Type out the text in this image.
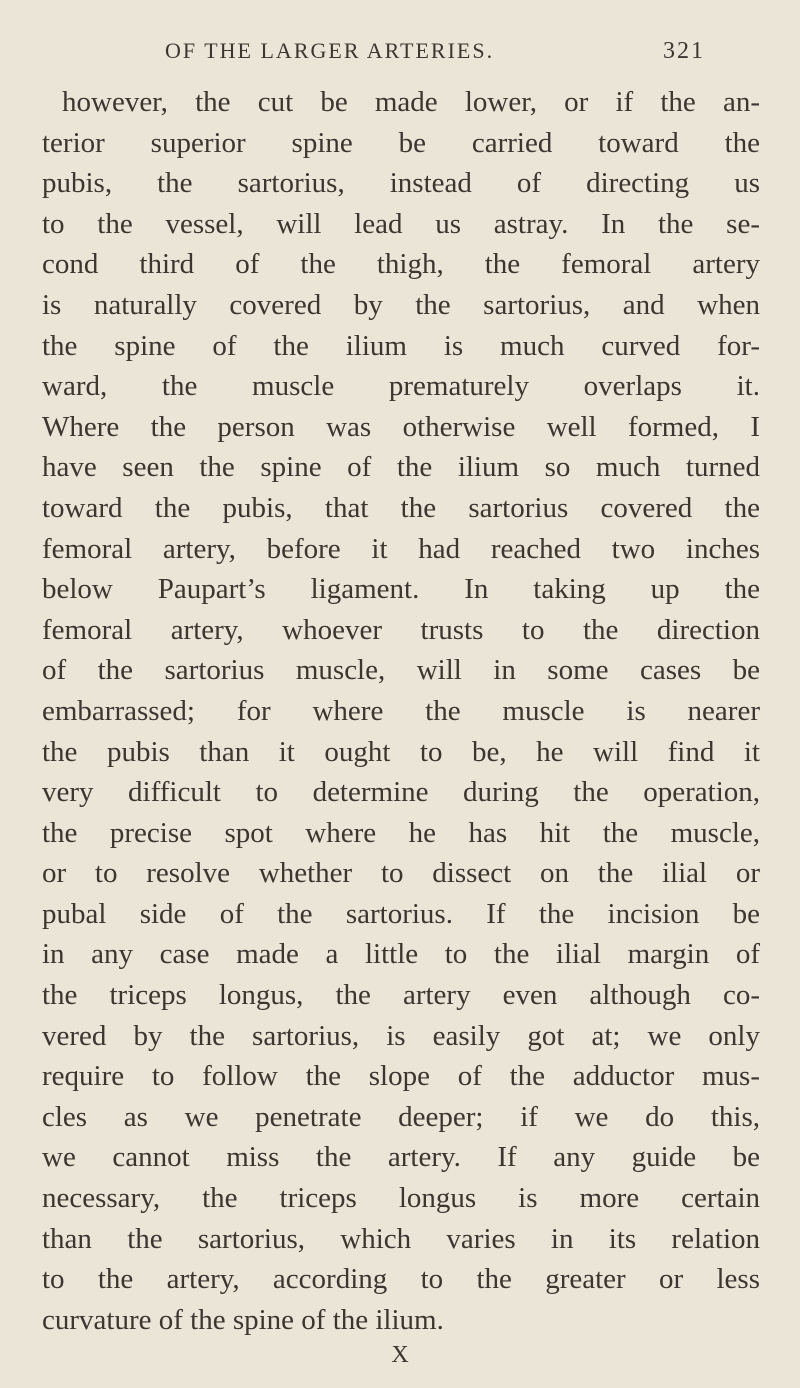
OF THE LARGER ARTERIES.	321
however, the cut be made lower, or if the an-
terior superior spine be carried toward the
pubis, the sartorius, instead of directing us
to the vessel, will lead us astray. In the se-
cond third of the thigh, the femoral artery
is naturally covered by the sartorius, and when
the spine of the ilium is much curved for-
ward, the muscle prematurely overlaps it.
Where the person was otherwise well formed, I
have seen the spine of the ilium so much turned
toward the pubis, that the sartorius covered the
femoral artery, before it had reached two inches
below Paupart’s ligament. In taking up the
femoral artery, whoever trusts to the direction
of the sartorius muscle, will in some cases be
embarrassed; for where the muscle is nearer
the pubis than it ought to be, he will find it
very difficult to determine during the operation,
the precise spot where he has hit the muscle,
or to resolve whether to dissect on the ilial or
pubal side of the sartorius. If the incision be
in any case made a little to the ilial margin of
the triceps longus, the artery even although co-
vered by the sartorius, is easily got at; we only
require to follow the slope of the adductor mus-
cles as we penetrate deeper; if we do this,
we cannot miss the artery. If any guide be
necessary, the triceps longus is more certain
than the sartorius, which varies in its relation
to the artery, according to the greater or less
curvature of the spine of the ilium.
X
